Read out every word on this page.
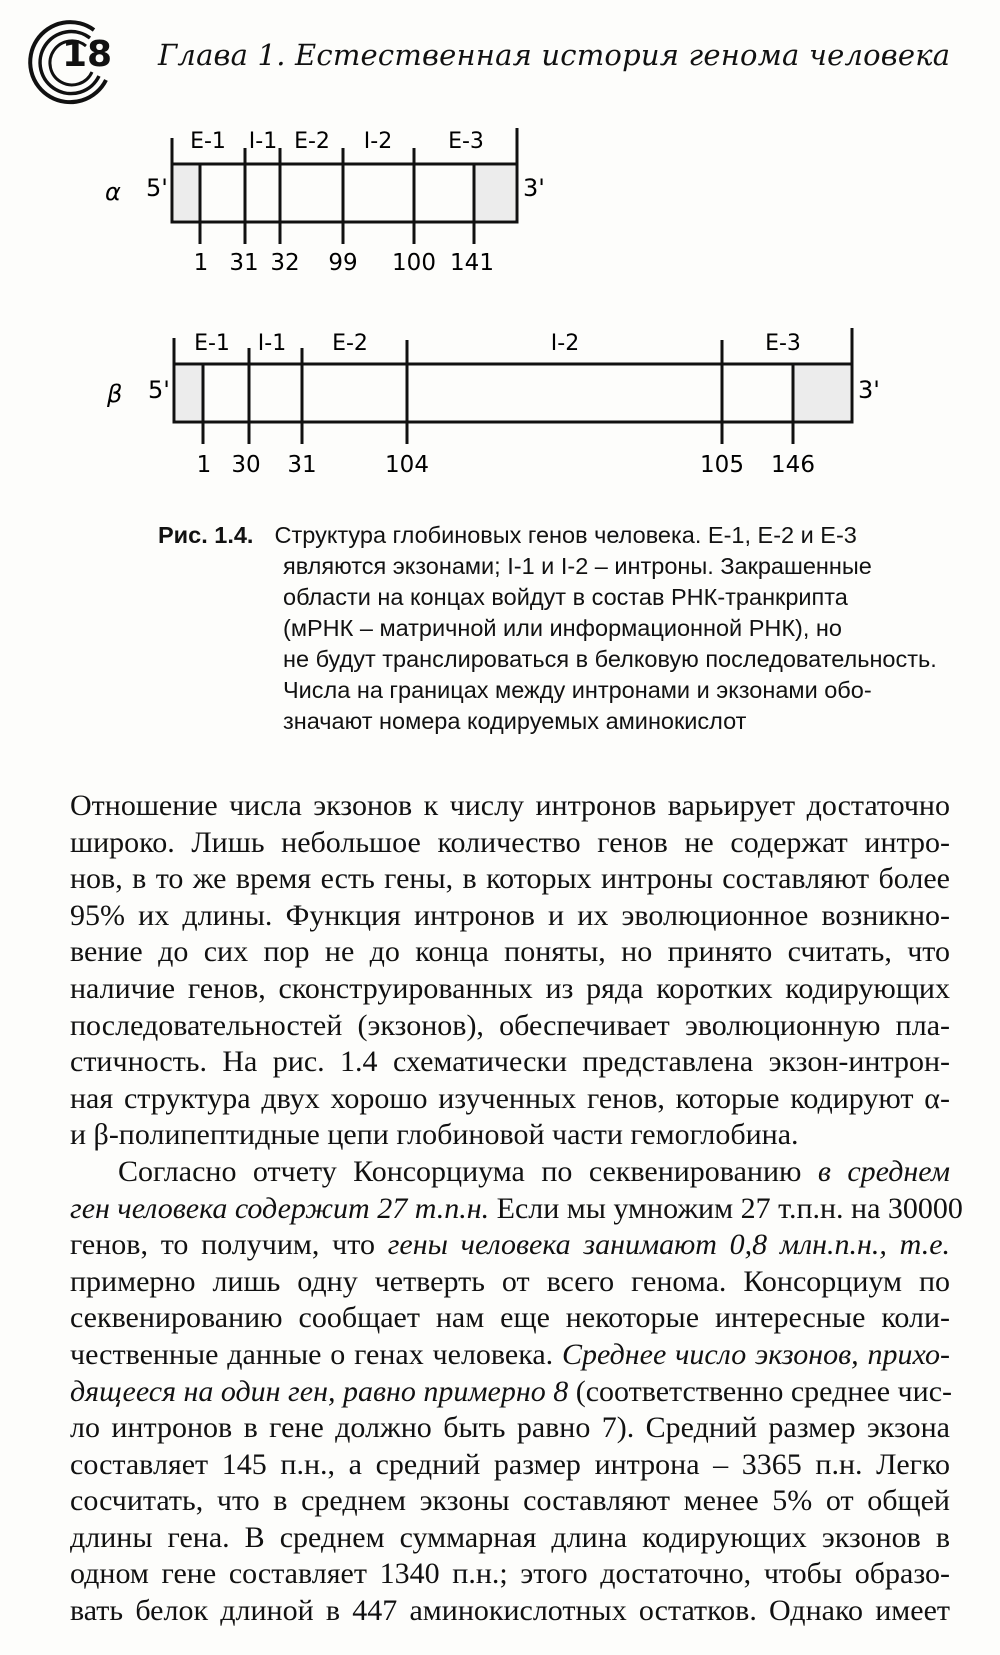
18 Глава 1. Естественная история генома человека
E-1 I-1 E-2 I-2	E-3
α 5'	3'
1 31 32 99 100 141
E-1 I-1 E-2	I-2	E-3
β 5'	3'
1 30 31	104	105 146
Рис. 1.4. Структура глобиновых генов человека. E-1, E-2 и E-3
являются экзонами; I-1 и I-2 – интроны. Закрашенные
области на концах войдут в состав РНК-транкрипта
(мРНК – матричной или информационной РНК), но
не будут транслироваться в белковую последовательность.
Числа на границах между интронами и экзонами обо-
значают номера кодируемых аминокислот
Отношение числа экзонов к числу интронов варьирует достаточно
широко. Лишь небольшое количество генов не содержат интро-
нов, в то же время есть гены, в которых интроны составляют более
95% их длины. Функция интронов и их эволюционное возникно-
вение до сих пор не до конца поняты, но принято считать, что
наличие генов, сконструированных из ряда коротких кодирующих
последовательностей (экзонов), обеспечивает эволюционную пла-
стичность. На рис. 1.4 схематически представлена экзон-интрон-
ная структура двух хорошо изученных генов, которые кодируют α-
и β-полипептидные цепи глобиновой части гемоглобина.
Согласно отчету Консорциума по секвенированию в среднем
ген человека содержит 27 т.п.н. Если мы умножим 27 т.п.н. на 30000
генов, то получим, что гены человека занимают 0,8 млн.п.н., т.е.
примерно лишь одну четверть от всего генома. Консорциум по
секвенированию сообщает нам еще некоторые интересные коли-
чественные данные о генах человека. Среднее число экзонов, прихо-
дящееся на один ген, равно примерно 8 (соответственно среднее чис-
ло интронов в гене должно быть равно 7). Средний размер экзона
составляет 145 п.н., а средний размер интрона – 3365 п.н. Легко
сосчитать, что в среднем экзоны составляют менее 5% от общей
длины гена. В среднем суммарная длина кодирующих экзонов в
одном гене составляет 1340 п.н.; этого достаточно, чтобы образо-
вать белок длиной в 447 аминокислотных остатков. Однако имеет
